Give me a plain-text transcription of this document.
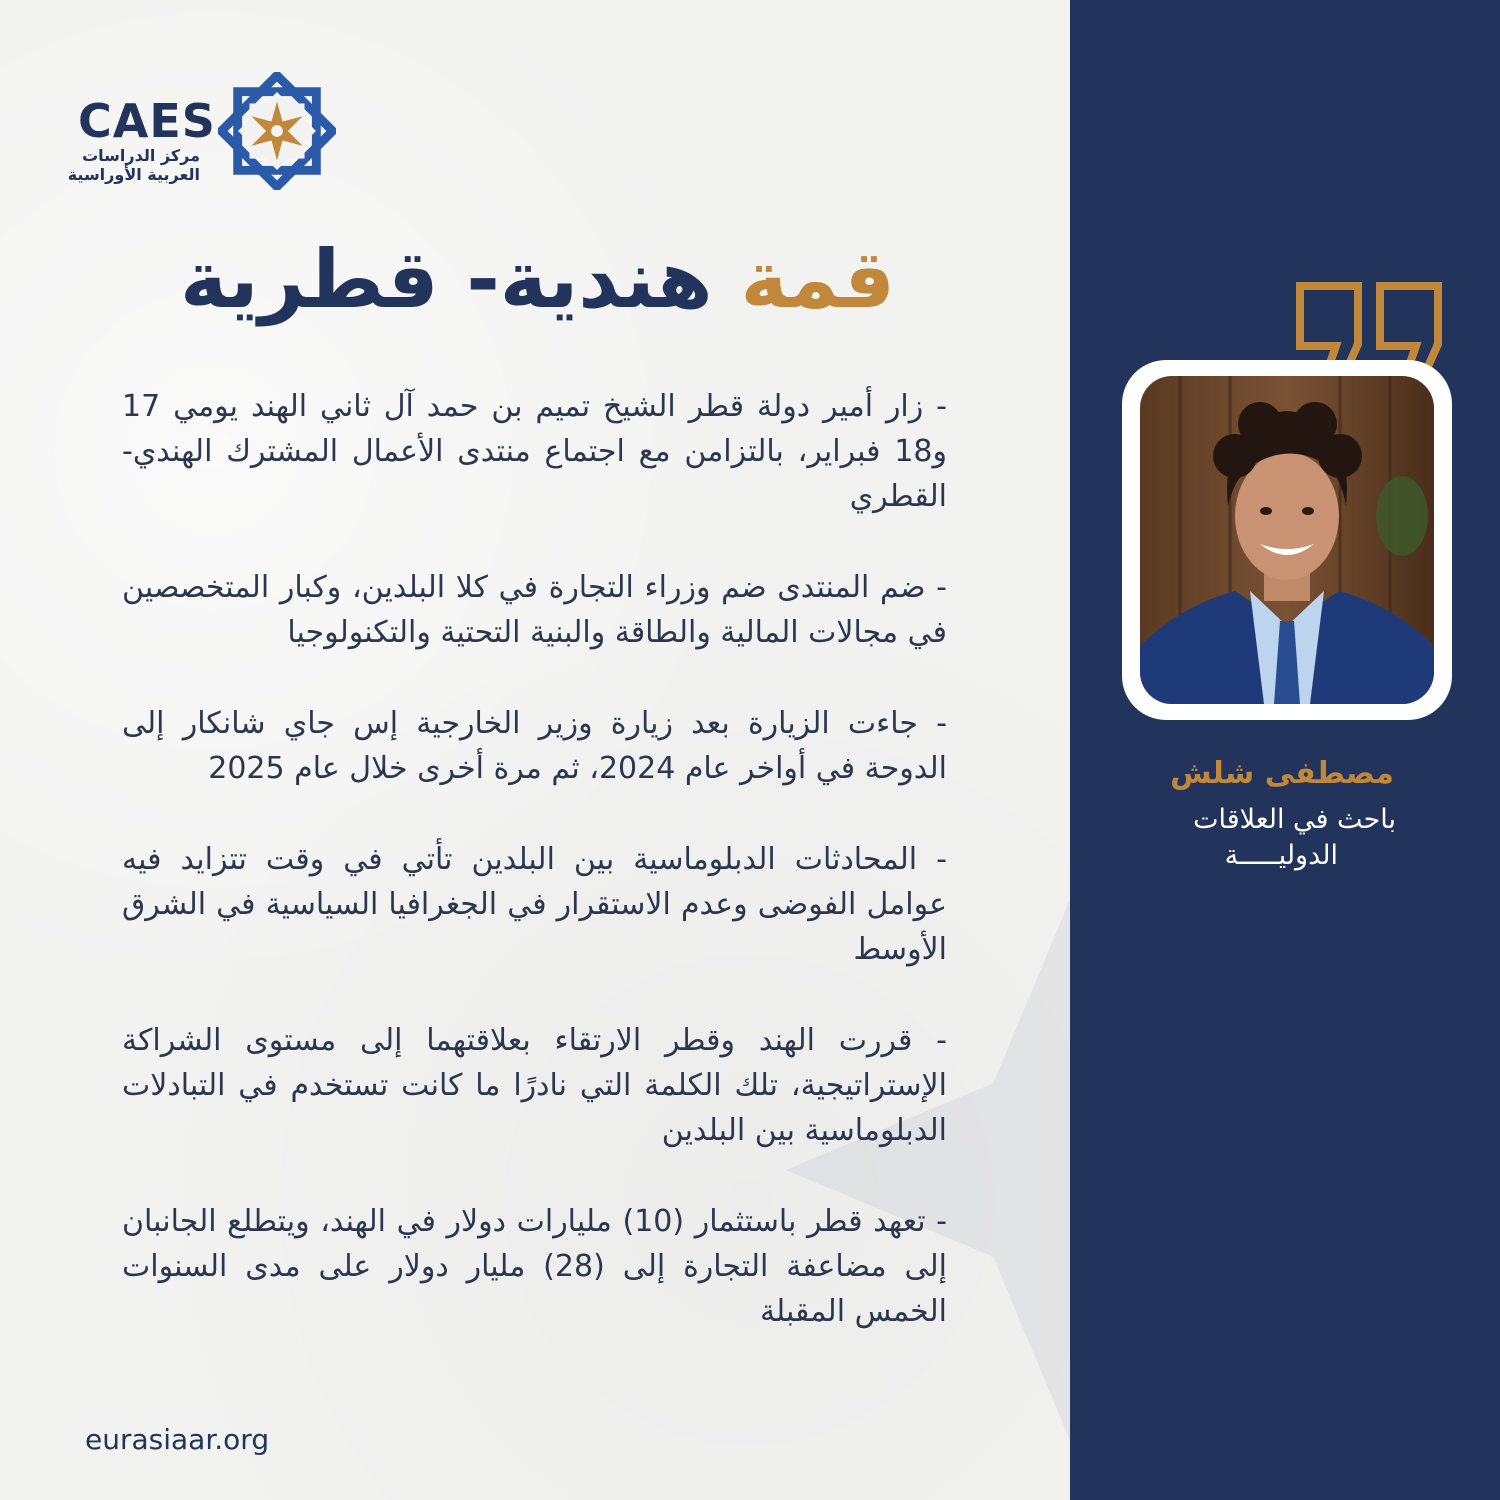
CAES
مركز الدراسات
العربية الأوراسية
قمة هندية- قطرية

- زار أمير دولة قطر الشيخ تميم بن حمد آل ثاني الهند يومي 17 و18 فبراير، بالتزامن مع اجتماع منتدى الأعمال المشترك الهندي- القطري

- ضم المنتدى ضم وزراء التجارة في كلا البلدين، وكبار المتخصصين في مجالات المالية والطاقة والبنية التحتية والتكنولوجيا

- جاءت الزيارة بعد زيارة وزير الخارجية إس جاي شانكار إلى الدوحة في أواخر عام 2024، ثم مرة أخرى خلال عام 2025

- المحادثات الدبلوماسية بين البلدين تأتي في وقت تتزايد فيه عوامل الفوضى وعدم الاستقرار في الجغرافيا السياسية في الشرق الأوسط

- قررت الهند وقطر الارتقاء بعلاقتهما إلى مستوى الشراكة الإستراتيجية، تلك الكلمة التي نادرًا ما كانت تستخدم في التبادلات الدبلوماسية بين البلدين

- تعهد قطر باستثمار (10) مليارات دولار في الهند، ويتطلع الجانبان إلى مضاعفة التجارة إلى (28) مليار دولار على مدى السنوات الخمس المقبلة

مصطفى شلش
باحث في العلاقات
الدوليـــــة
eurasiaar.org
